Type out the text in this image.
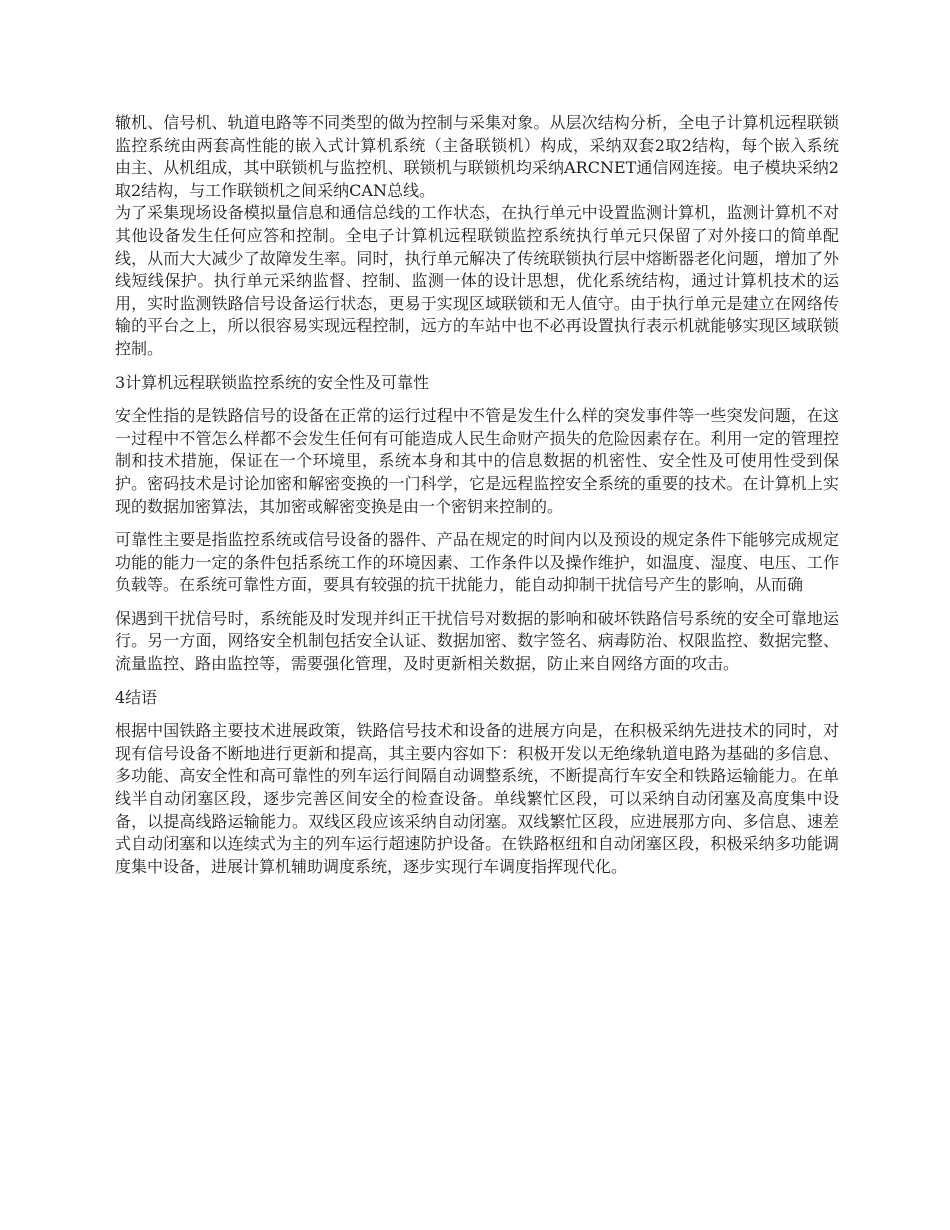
辙机、信号机、轨道电路等不同类型的做为控制与采集对象。从层次结构分析，全电子计算机远程联锁监控系统由两套高性能的嵌入式计算机系统（主备联锁机）构成，采纳双套2取2结构，每个嵌入系统由主、从机组成，其中联锁机与监控机、联锁机与联锁机均采纳ARCNET通信网连接。电子模块采纳2取2结构，与工作联锁机之间采纳CAN总线。

为了采集现场设备模拟量信息和通信总线的工作状态，在执行单元中设置监测计算机，监测计算机不对其他设备发生任何应答和控制。全电子计算机远程联锁监控系统执行单元只保留了对外接口的简单配线，从而大大减少了故障发生率。同时，执行单元解决了传统联锁执行层中熔断器老化问题，增加了外线短线保护。执行单元采纳监督、控制、监测一体的设计思想，优化系统结构，通过计算机技术的运用，实时监测铁路信号设备运行状态，更易于实现区域联锁和无人值守。由于执行单元是建立在网络传输的平台之上，所以很容易实现远程控制，远方的车站中也不必再设置执行表示机就能够实现区域联锁控制。

3计算机远程联锁监控系统的安全性及可靠性

安全性指的是铁路信号的设备在正常的运行过程中不管是发生什么样的突发事件等一些突发问题，在这一过程中不管怎么样都不会发生任何有可能造成人民生命财产损失的危险因素存在。利用一定的管理控制和技术措施，保证在一个环境里，系统本身和其中的信息数据的机密性、安全性及可使用性受到保护。密码技术是讨论加密和解密变换的一门科学，它是远程监控安全系统的重要的技术。在计算机上实现的数据加密算法，其加密或解密变换是由一个密钥来控制的。

可靠性主要是指监控系统或信号设备的器件、产品在规定的时间内以及预设的规定条件下能够完成规定功能的能力一定的条件包括系统工作的环境因素、工作条件以及操作维护，如温度、湿度、电压、工作负载等。在系统可靠性方面，要具有较强的抗干扰能力，能自动抑制干扰信号产生的影响，从而确

保遇到干扰信号时，系统能及时发现并纠正干扰信号对数据的影响和破坏铁路信号系统的安全可靠地运行。另一方面，网络安全机制包括安全认证、数据加密、数字签名、病毒防治、权限监控、数据完整、流量监控、路由监控等，需要强化管理，及时更新相关数据，防止来自网络方面的攻击。

4结语

根据中国铁路主要技术进展政策，铁路信号技术和设备的进展方向是，在积极采纳先进技术的同时，对现有信号设备不断地进行更新和提高，其主要内容如下：积极开发以无绝缘轨道电路为基础的多信息、多功能、高安全性和高可靠性的列车运行间隔自动调整系统，不断提高行车安全和铁路运输能力。在单线半自动闭塞区段，逐步完善区间安全的检查设备。单线繁忙区段，可以采纳自动闭塞及高度集中设备，以提高线路运输能力。双线区段应该采纳自动闭塞。双线繁忙区段，应进展那方向、多信息、速差式自动闭塞和以连续式为主的列车运行超速防护设备。在铁路枢纽和自动闭塞区段，积极采纳多功能调度集中设备，进展计算机辅助调度系统，逐步实现行车调度指挥现代化。
